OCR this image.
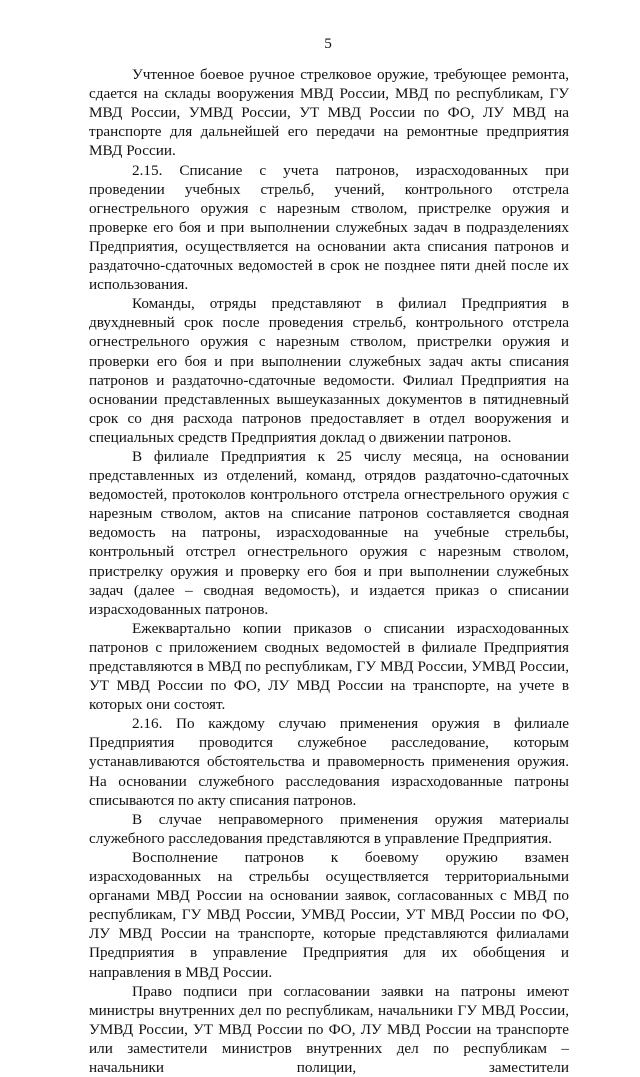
5

Учтенное боевое ручное стрелковое оружие, требующее ремонта, сдается на склады вооружения МВД России, МВД по республикам, ГУ МВД России, УМВД России, УТ МВД России по ФО, ЛУ МВД на транспорте для дальнейшей его передачи на ремонтные предприятия МВД России.

2.15. Списание с учета патронов, израсходованных при проведении учебных стрельб, учений, контрольного отстрела огнестрельного оружия с нарезным стволом, пристрелке оружия и проверке его боя и при выполнении служебных задач в подразделениях Предприятия, осуществляется на основании акта списания патронов и раздаточно-сдаточных ведомостей в срок не позднее пяти дней после их использования.

Команды, отряды представляют в филиал Предприятия в двухдневный срок после проведения стрельб, контрольного отстрела огнестрельного оружия с нарезным стволом, пристрелки оружия и проверки его боя и при выполнении служебных задач акты списания патронов и раздаточно-сдаточные ведомости. Филиал Предприятия на основании представленных вышеуказанных документов в пятидневный срок со дня расхода патронов предоставляет в отдел вооружения и специальных средств Предприятия доклад о движении патронов.

В филиале Предприятия к 25 числу месяца, на основании представленных из отделений, команд, отрядов раздаточно-сдаточных ведомостей, протоколов контрольного отстрела огнестрельного оружия с нарезным стволом, актов на списание патронов составляется сводная ведомость на патроны, израсходованные на учебные стрельбы, контрольный отстрел огнестрельного оружия с нарезным стволом, пристрелку оружия и проверку его боя и при выполнении служебных задач (далее – сводная ведомость), и издается приказ о списании израсходованных патронов.

Ежеквартально копии приказов о списании израсходованных патронов с приложением сводных ведомостей в филиале Предприятия представляются в МВД по республикам, ГУ МВД России, УМВД России, УТ МВД России по ФО, ЛУ МВД России на транспорте, на учете в которых они состоят.

2.16. По каждому случаю применения оружия в филиале Предприятия проводится служебное расследование, которым устанавливаются обстоятельства и правомерность применения оружия. На основании служебного расследования израсходованные патроны списываются по акту списания патронов.

В случае неправомерного применения оружия материалы служебного расследования представляются в управление Предприятия.

Восполнение патронов к боевому оружию взамен израсходованных на стрельбы осуществляется территориальными органами МВД России на основании заявок, согласованных с МВД по республикам, ГУ МВД России, УМВД России, УТ МВД России по ФО, ЛУ МВД России на транспорте, которые представляются филиалами Предприятия в управление Предприятия для их обобщения и направления в МВД России.

Право подписи при согласовании заявки на патроны имеют министры внутренних дел по республикам, начальники ГУ МВД России, УМВД России, УТ МВД России по ФО, ЛУ МВД России на транспорте или заместители министров внутренних дел по республикам – начальники полиции, заместители
